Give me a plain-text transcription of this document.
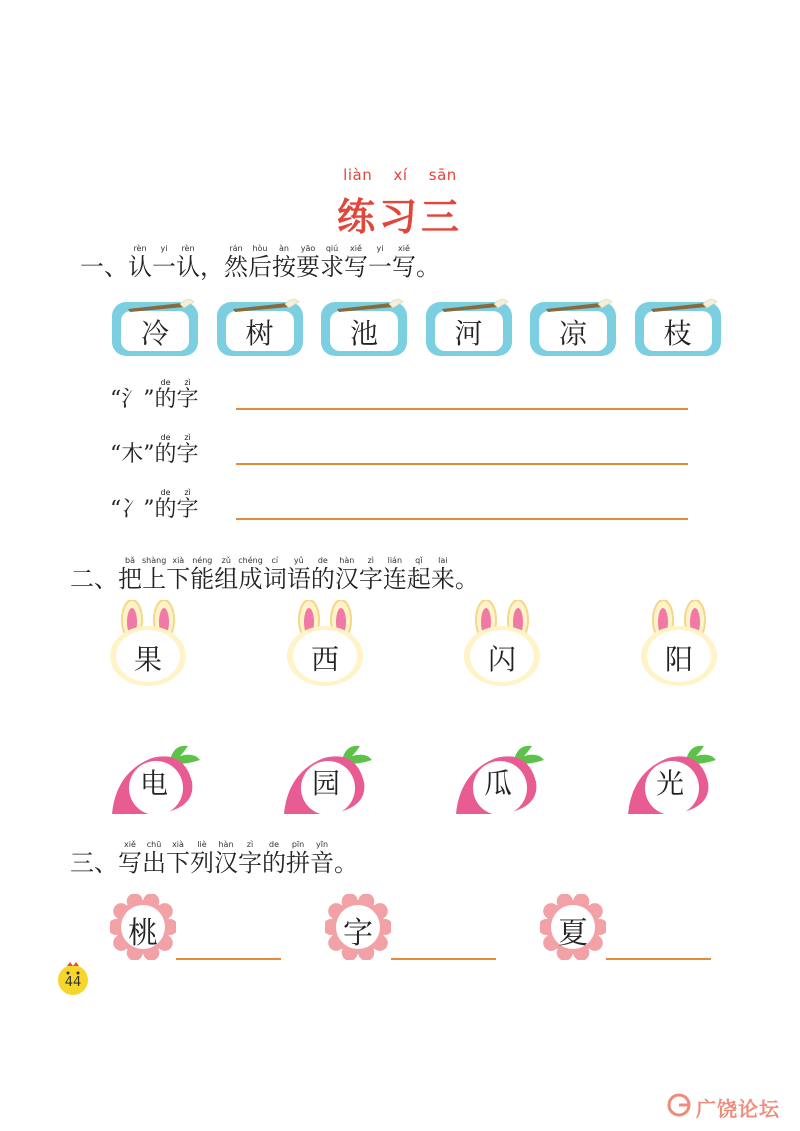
liàn xí sān
练习三
一、认rèn一yi认rèn，然rán后hòu按àn要yāo求qiú写xiě一yi写xiě。
冷	树	池	河	凉	枝
“氵”的de字zì
“木”的de字zì
“冫”的de字zì
二、把bǎ上shàng下xià能néng组zǔ成chéng词cí语yǔ的de汉hàn字zì连lián起qǐ来lai。
果	西	闪	阳
电	园	瓜	光
三、写xiě出chū下xià列liè汉hàn字zì的de拼pīn音yīn。
桃	字	夏
44
广饶论坛
